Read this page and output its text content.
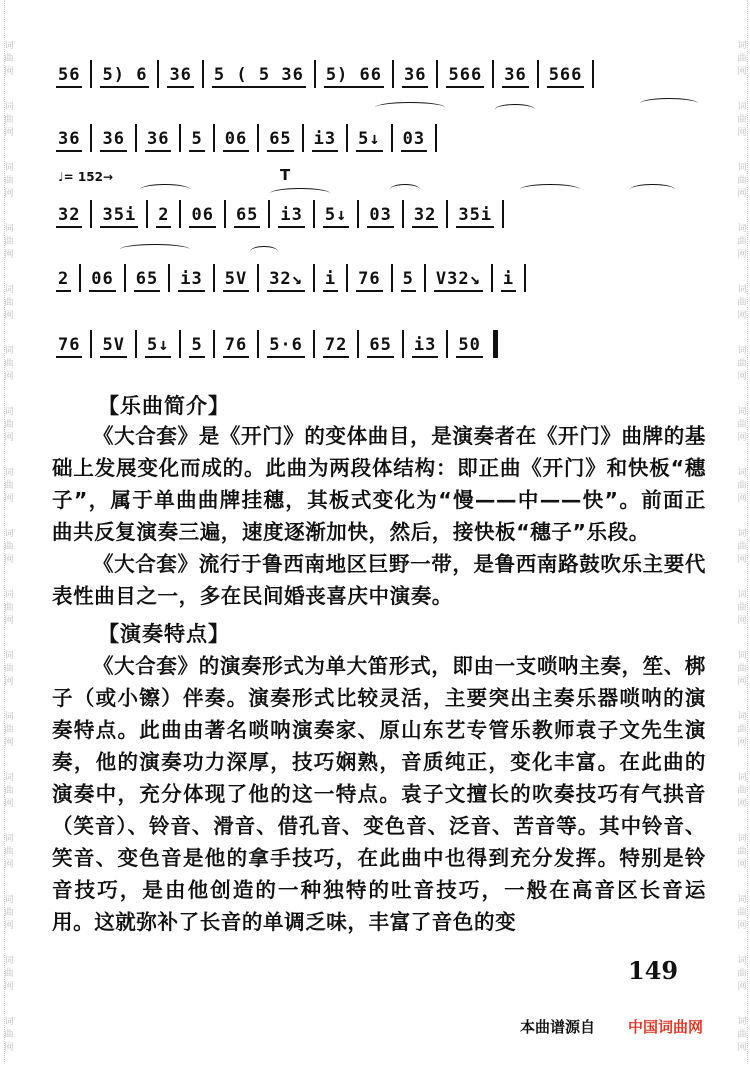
词
曲
网
词
曲
网
词
曲
网
词
曲
网
词
曲
网
词
曲
网
词
曲
网
词
曲
网
词
曲
网
词
曲
网
词
曲
网
词
曲
网
词
曲
网
词
曲
网
词
曲
网
词
曲
网
词
曲
网
词
曲
网
词
曲
网
词
曲
网
词
曲
网
词
曲
网
词
曲
网
词
曲
网
词
曲
网
词
曲
网
词
曲
网
词
曲
网
词
曲
网
词
曲
网
词
曲
网
词
曲
网
词
曲
网
词
曲
网
56 5) 6 36 5 ( 5 36 5) 66 36 566 36 566
36 36 36 5 06 65 i3 5↓ 03
♩= 152→	T
32 35i 2 06 65 i3 5↓ 03 32 35i
2 06 65 i3 5V 32↘ i 76 5 V32↘ i
76 5V 5↓ 5 76 5·6 72 65 i3 50
【乐曲简介】

《大合套》是《开门》的变体曲目，是演奏者在《开门》曲牌的基础上发展变化而成的。此曲为两段体结构：即正曲《开门》和快板“穗子”，属于单曲曲牌挂穗，其板式变化为“慢——中——快”。前面正曲共反复演奏三遍，速度逐渐加快，然后，接快板“穗子”乐段。

《大合套》流行于鲁西南地区巨野一带，是鲁西南路鼓吹乐主要代表性曲目之一，多在民间婚丧喜庆中演奏。

【演奏特点】

《大合套》的演奏形式为单大笛形式，即由一支唢呐主奏，笙、梆子（或小镲）伴奏。演奏形式比较灵活，主要突出主奏乐器唢呐的演奏特点。此曲由著名唢呐演奏家、原山东艺专管乐教师袁子文先生演奏，他的演奏功力深厚，技巧娴熟，音质纯正，变化丰富。在此曲的演奏中，充分体现了他的这一特点。袁子文擅长的吹奏技巧有气拱音（笑音）、铃音、滑音、借孔音、变色音、泛音、苦音等。其中铃音、笑音、变色音是他的拿手技巧，在此曲中也得到充分发挥。特别是铃音技巧，是由他创造的一种独特的吐音技巧，一般在高音区长音运用。这就弥补了长音的单调乏味，丰富了音色的变

149
本曲谱源自 中国词曲网
